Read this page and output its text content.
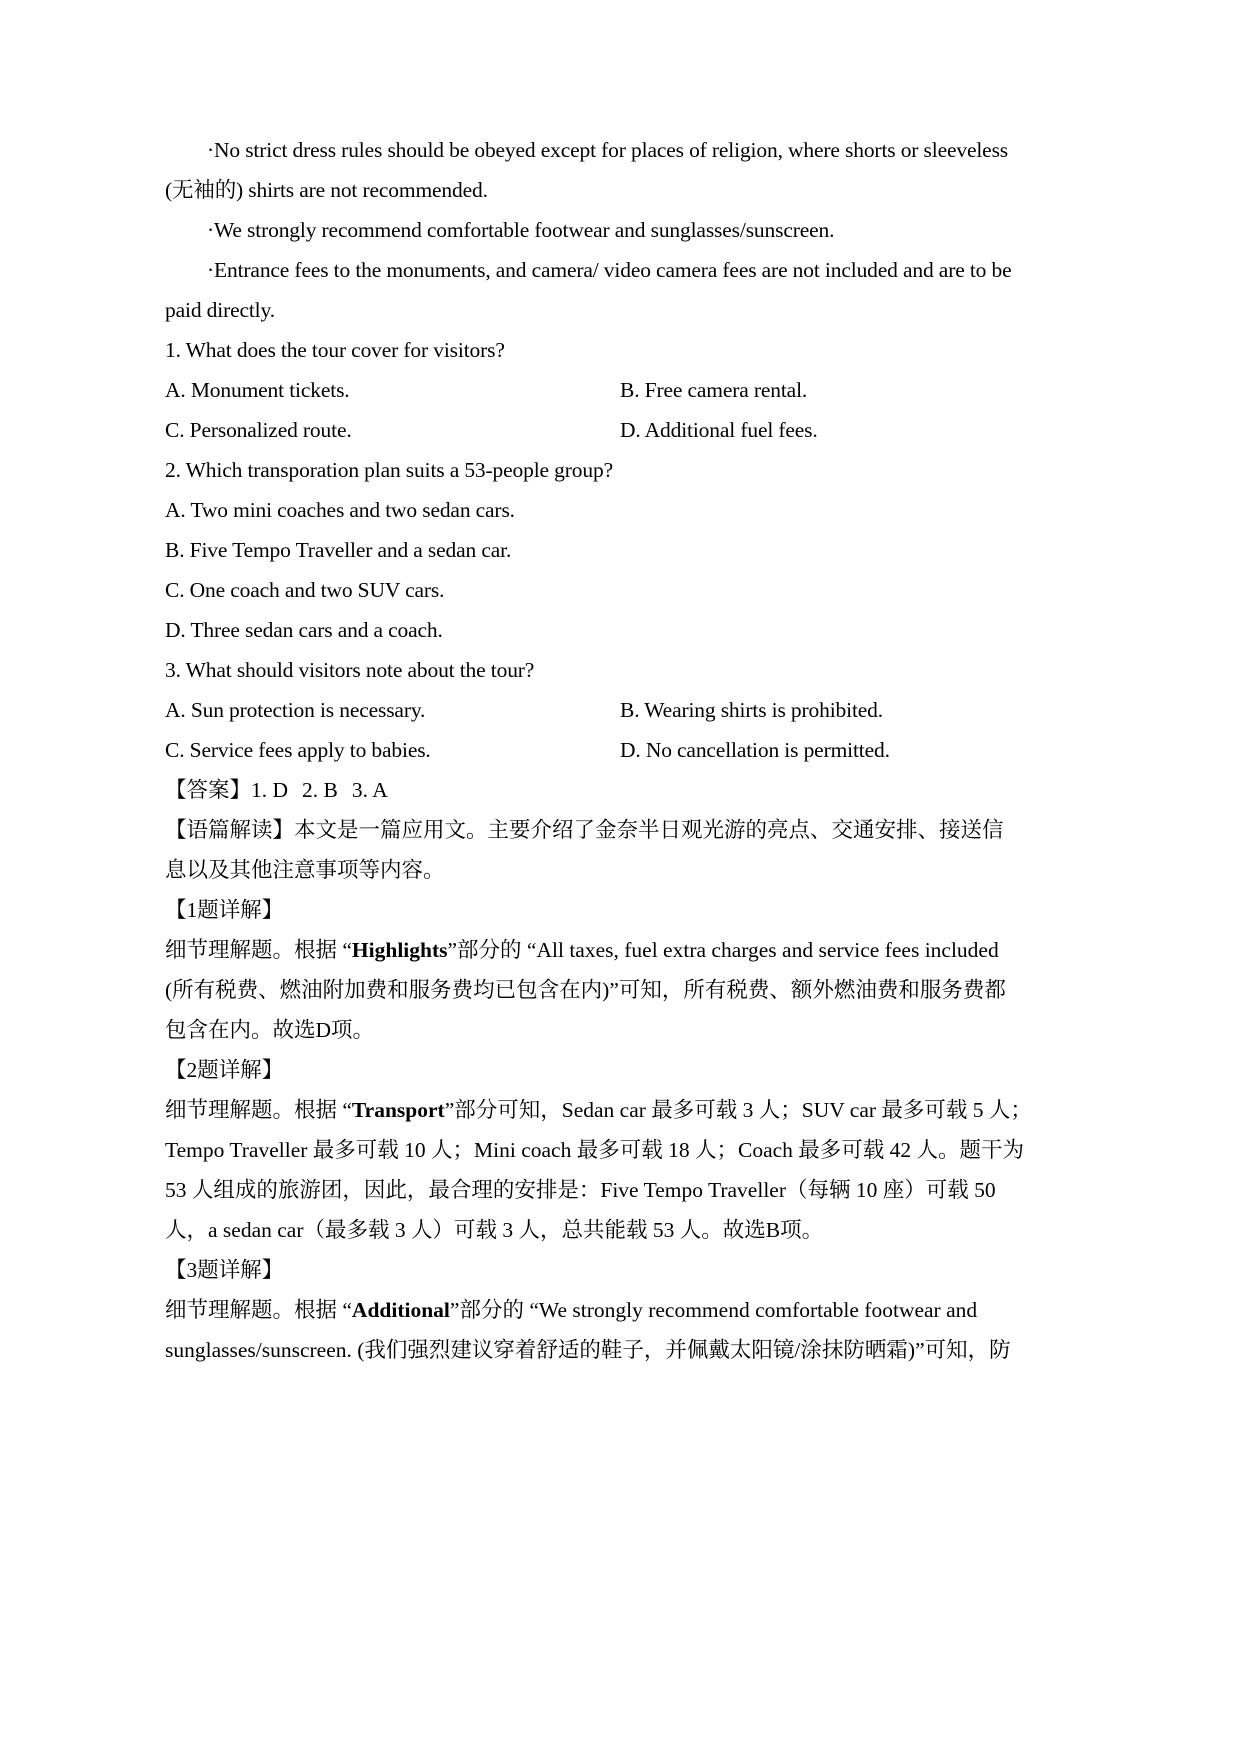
·No strict dress rules should be obeyed except for places of religion, where shorts or sleeveless
(无袖的) shirts are not recommended.
·We strongly recommend comfortable footwear and sunglasses/sunscreen.
·Entrance fees to the monuments, and camera/ video camera fees are not included and are to be
paid directly.
1. What does the tour cover for visitors?
A. Monument tickets.	B. Free camera rental.
C. Personalized route.	D. Additional fuel fees.
2. Which transporation plan suits a 53-people group?
A. Two mini coaches and two sedan cars.
B. Five Tempo Traveller and a sedan car.
C. One coach and two SUV cars.
D. Three sedan cars and a coach.
3. What should visitors note about the tour?
A. Sun protection is necessary.	B. Wearing shirts is prohibited.
C. Service fees apply to babies.	D. No cancellation is permitted.
【答案】1. D 2. B 3. A
【语篇解读】本文是一篇应用文。主要介绍了金奈半日观光游的亮点、交通安排、接送信
息以及其他注意事项等内容。
【1题详解】
细节理解题。根据 “Highlights”部分的 “All taxes, fuel extra charges and service fees included
(所有税费、燃油附加费和服务费均已包含在内)”可知，所有税费、额外燃油费和服务费都
包含在内。故选D项。
【2题详解】
细节理解题。根据 “Transport”部分可知，Sedan car 最多可载 3 人；SUV car 最多可载 5 人；
Tempo Traveller 最多可载 10 人；Mini coach 最多可载 18 人；Coach 最多可载 42 人。题干为
53 人组成的旅游团，因此，最合理的安排是：Five Tempo Traveller（每辆 10 座）可载 50
人，a sedan car（最多载 3 人）可载 3 人，总共能载 53 人。故选B项。
【3题详解】
细节理解题。根据 “Additional”部分的 “We strongly recommend comfortable footwear and
sunglasses/sunscreen. (我们强烈建议穿着舒适的鞋子，并佩戴太阳镜/涂抹防晒霜)”可知，防
